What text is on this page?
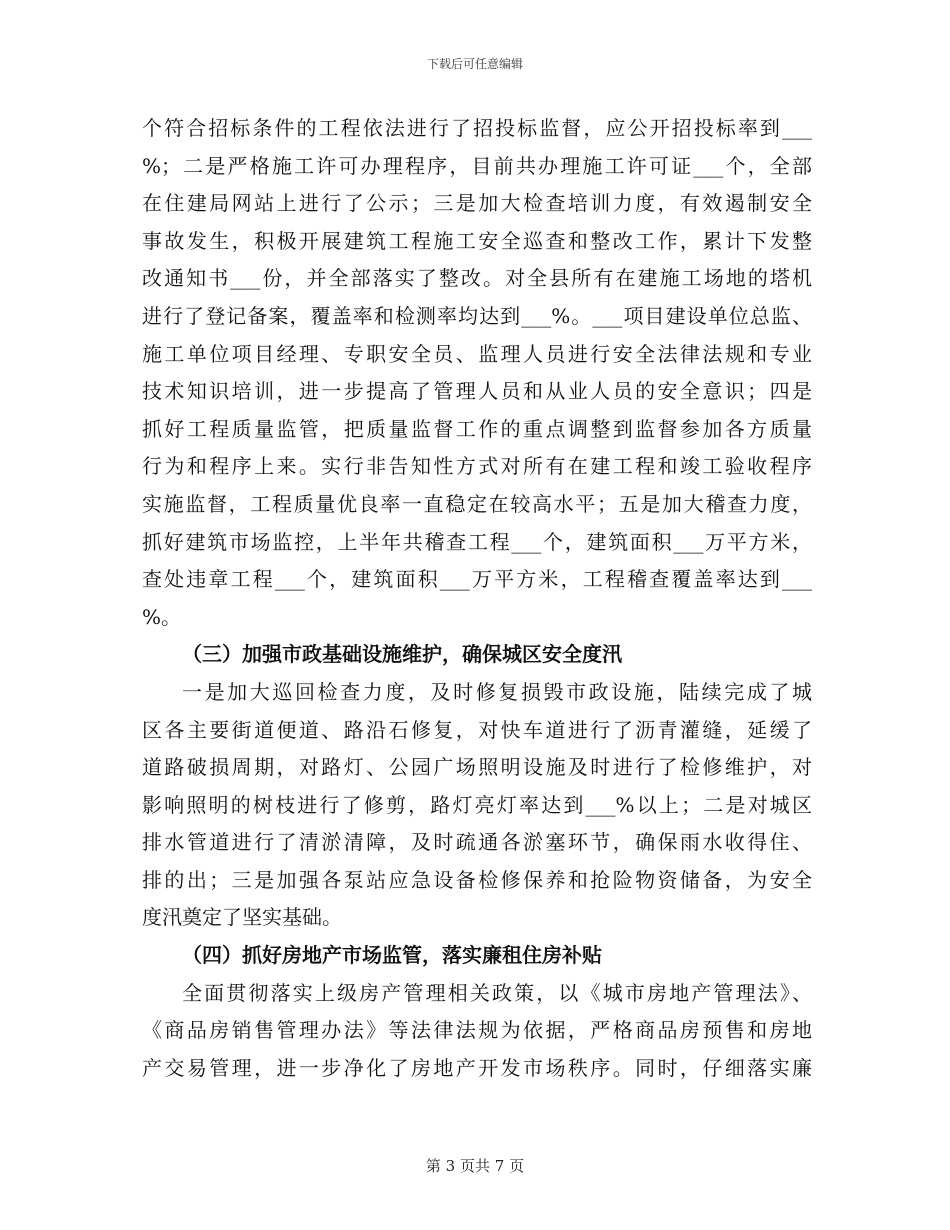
下载后可任意编辑
个符合招标条件的工程依法进行了招投标监督，应公开招投标率到___
%；二是严格施工许可办理程序，目前共办理施工许可证___个，全部
在住建局网站上进行了公示；三是加大检查培训力度，有效遏制安全
事故发生，积极开展建筑工程施工安全巡查和整改工作，累计下发整
改通知书___份，并全部落实了整改。对全县所有在建施工场地的塔机
进行了登记备案，覆盖率和检测率均达到___%。___项目建设单位总监、
施工单位项目经理、专职安全员、监理人员进行安全法律法规和专业
技术知识培训，进一步提高了管理人员和从业人员的安全意识；四是
抓好工程质量监管，把质量监督工作的重点调整到监督参加各方质量
行为和程序上来。实行非告知性方式对所有在建工程和竣工验收程序
实施监督，工程质量优良率一直稳定在较高水平；五是加大稽查力度，
抓好建筑市场监控，上半年共稽查工程___个，建筑面积___万平方米，
查处违章工程___个，建筑面积___万平方米，工程稽查覆盖率达到___
%。
（三）加强市政基础设施维护，确保城区安全度汛
一是加大巡回检查力度，及时修复损毁市政设施，陆续完成了城
区各主要街道便道、路沿石修复，对快车道进行了沥青灌缝，延缓了
道路破损周期，对路灯、公园广场照明设施及时进行了检修维护，对
影响照明的树枝进行了修剪，路灯亮灯率达到___%以上；二是对城区
排水管道进行了清淤清障，及时疏通各淤塞环节，确保雨水收得住、
排的出；三是加强各泵站应急设备检修保养和抢险物资储备，为安全
度汛奠定了坚实基础。
（四）抓好房地产市场监管，落实廉租住房补贴
全面贯彻落实上级房产管理相关政策，以《城市房地产管理法》、
《商品房销售管理办法》等法律法规为依据，严格商品房预售和房地
产交易管理，进一步净化了房地产开发市场秩序。同时，仔细落实廉
第 3 页共 7 页
